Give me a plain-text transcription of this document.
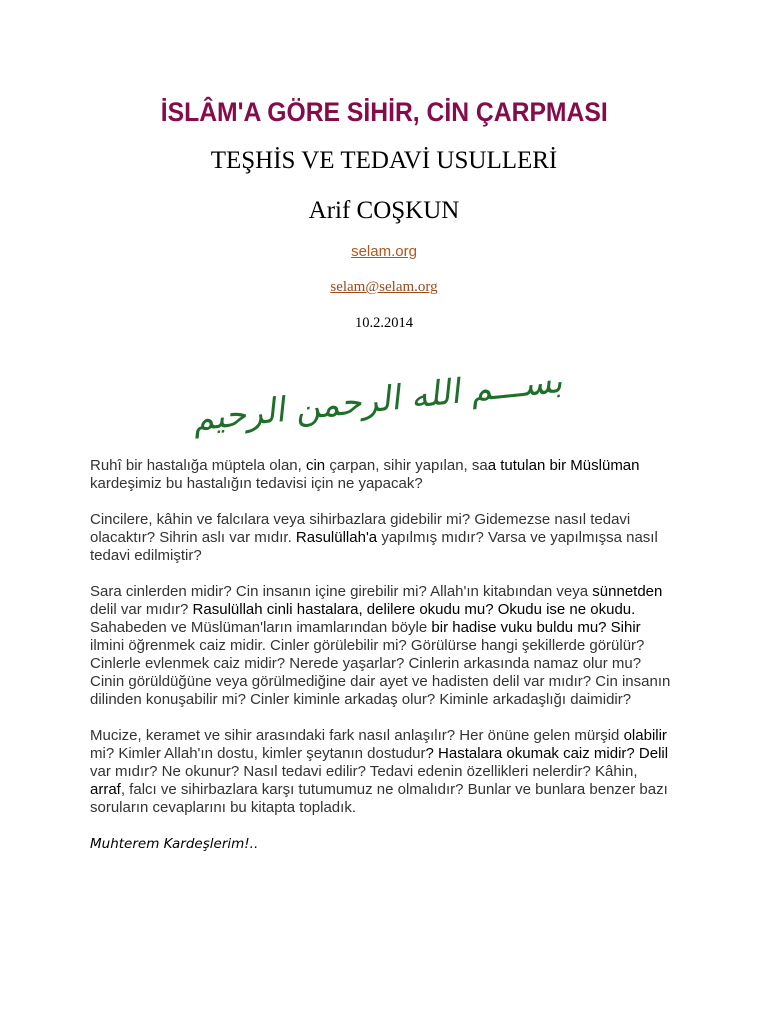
İSLÂM'A GÖRE SİHİR, CİN ÇARPMASI
TEŞHİS VE TEDAVİ USULLERİ
Arif COŞKUN
selam.org
selam@selam.org
10.2.2014
بســـم الله الرحمن الرحيم
Ruhî bir hastalığa müptela olan, cin çarpan, sihir yapılan, saa tutulan bir Müslüman
kardeşimiz bu hastalığın tedavisi için ne yapacak?
Cincilere, kâhin ve falcılara veya sihirbazlara gidebilir mi? Gidemezse nasıl tedavi
olacaktır? Sihrin aslı var mıdır. Rasulüllah'a yapılmış mıdır? Varsa ve yapılmışsa nasıl
tedavi edilmiştir?
Sara cinlerden midir? Cin insanın içine girebilir mi? Allah'ın kitabından veya sünnetden
delil var mıdır? Rasulüllah cinli hastalara, delilere okudu mu? Okudu ise ne okudu.
Sahabeden ve Müslüman'ların imamlarından böyle bir hadise vuku buldu mu? Sihir
ilmini öğrenmek caiz midir. Cinler görülebilir mi? Görülürse hangi şekillerde görülür?
Cinlerle evlenmek caiz midir? Nerede yaşarlar? Cinlerin arkasında namaz olur mu?
Cinin görüldüğüne veya görülmediğine dair ayet ve hadisten delil var mıdır? Cin insanın
dilinden konuşabilir mi? Cinler kiminle arkadaş olur? Kiminle arkadaşlığı daimidir?
Mucize, keramet ve sihir arasındaki fark nasıl anlaşılır? Her önüne gelen mürşid olabilir
mi? Kimler Allah'ın dostu, kimler şeytanın dostudur? Hastalara okumak caiz midir? Delil
var mıdır? Ne okunur? Nasıl tedavi edilir? Tedavi edenin özellikleri nelerdir? Kâhin,
arraf, falcı ve sihirbazlara karşı tutumumuz ne olmalıdır? Bunlar ve bunlara benzer bazı
soruların cevaplarını bu kitapta topladık.

Muhterem Kardeşlerim!..
